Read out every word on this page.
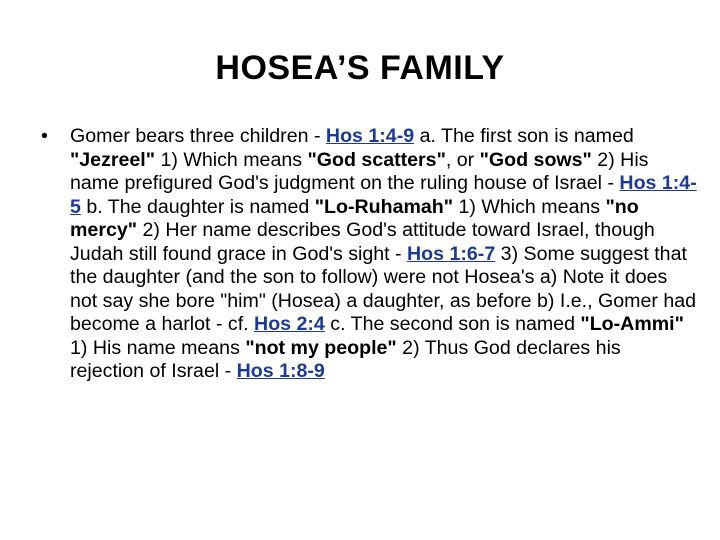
HOSEA’S FAMILY
• Gomer bears three children - Hos 1:4-9 a. The first son is named "Jezreel" 1) Which means "God scatters", or "God sows" 2) His name prefigured God's judgment on the ruling house of Israel - Hos 1:4-5 b. The daughter is named "Lo-Ruhamah" 1) Which means "no mercy" 2) Her name describes God's attitude toward Israel, though Judah still found grace in God's sight - Hos 1:6-7 3) Some suggest that the daughter (and the son to follow) were not Hosea's a) Note it does not say she bore "him" (Hosea) a daughter, as before b) I.e., Gomer had become a harlot - cf. Hos 2:4 c. The second son is named "Lo-Ammi" 1) His name means "not my people" 2) Thus God declares his rejection of Israel - Hos 1:8-9
